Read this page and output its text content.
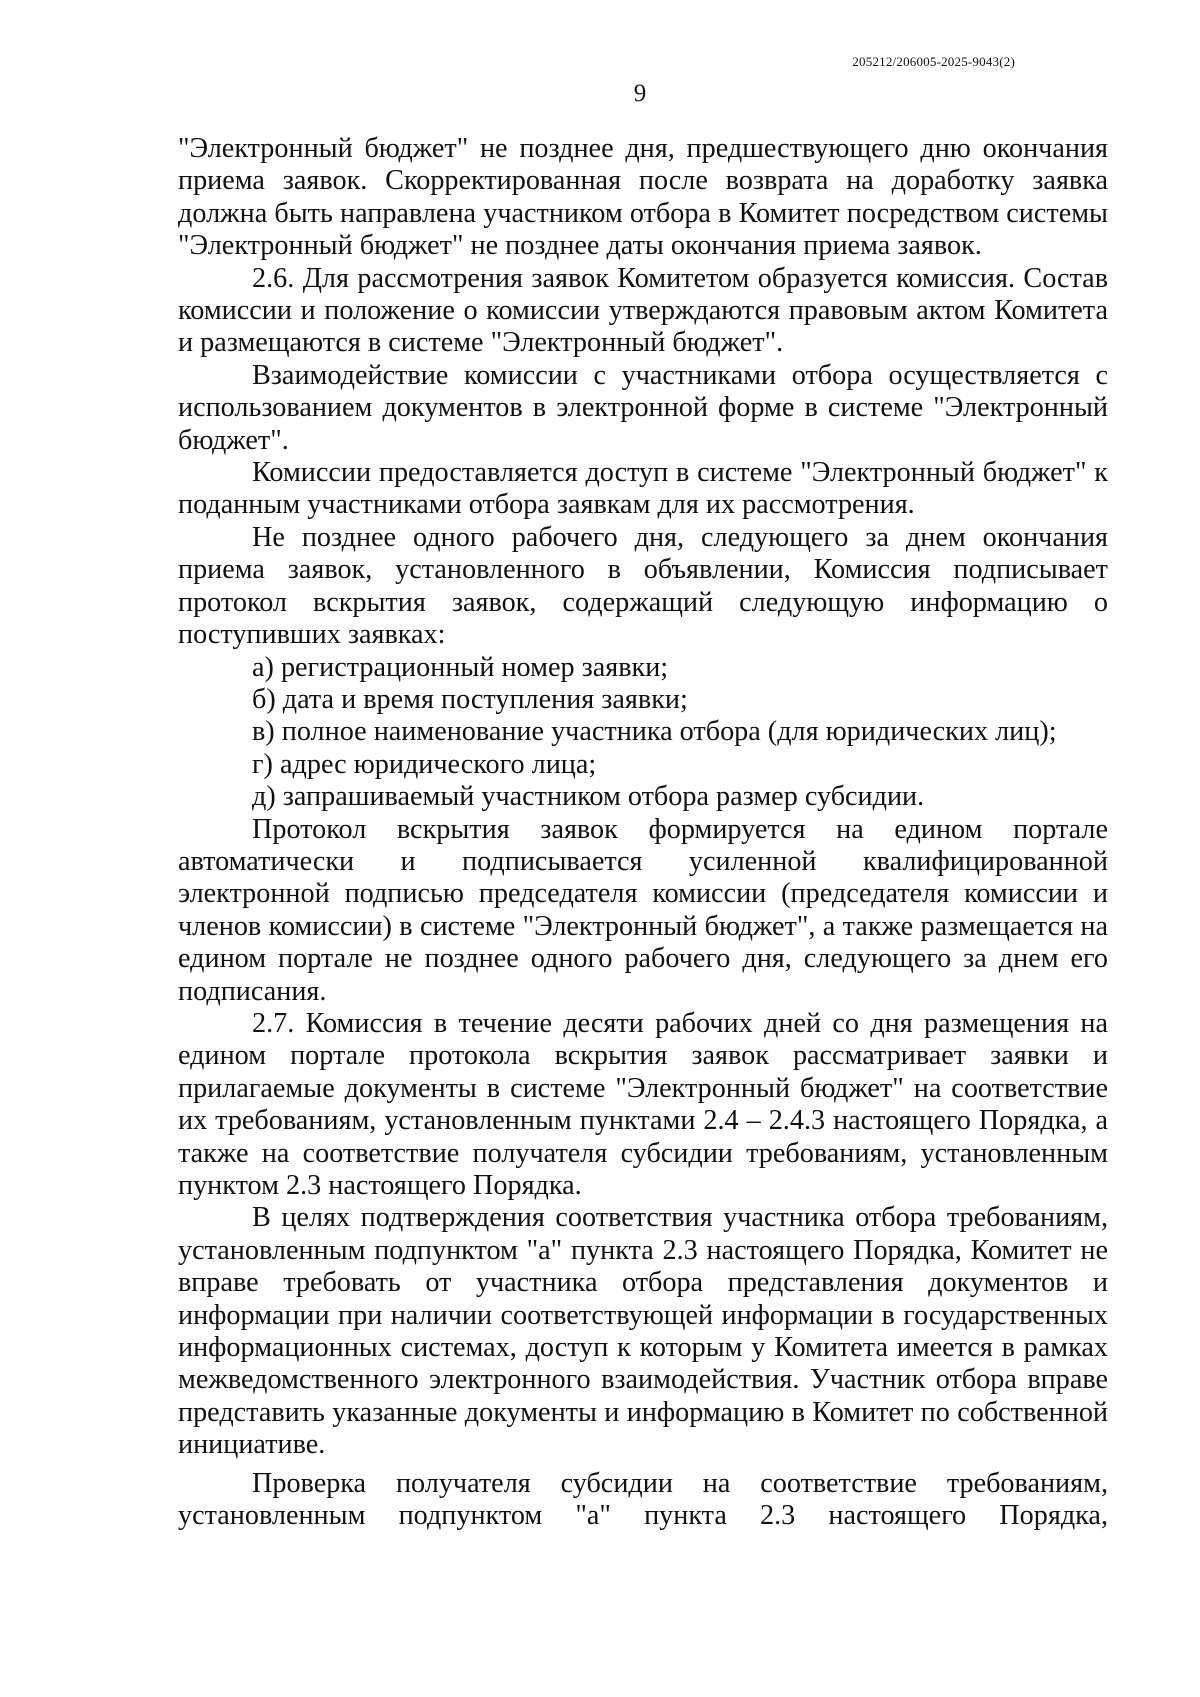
205212/206005-2025-9043(2)
9

"Электронный бюджет" не позднее дня, предшествующего дню окончания приема заявок. Скорректированная после возврата на доработку заявка должна быть направлена участником отбора в Комитет посредством системы "Электронный бюджет" не позднее даты окончания приема заявок.

2.6. Для рассмотрения заявок Комитетом образуется комиссия. Состав комиссии и положение о комиссии утверждаются правовым актом Комитета и размещаются в системе "Электронный бюджет".

Взаимодействие комиссии с участниками отбора осуществляется с использованием документов в электронной форме в системе "Электронный бюджет".

Комиссии предоставляется доступ в системе "Электронный бюджет" к поданным участниками отбора заявкам для их рассмотрения.

Не позднее одного рабочего дня, следующего за днем окончания приема заявок, установленного в объявлении, Комиссия подписывает протокол вскрытия заявок, содержащий следующую информацию о поступивших заявках:

а) регистрационный номер заявки;

б) дата и время поступления заявки;

в) полное наименование участника отбора (для юридических лиц);

г) адрес юридического лица;

д) запрашиваемый участником отбора размер субсидии.

Протокол вскрытия заявок формируется на едином портале автоматически и подписывается усиленной квалифицированной электронной подписью председателя комиссии (председателя комиссии и членов комиссии) в системе "Электронный бюджет", а также размещается на едином портале не позднее одного рабочего дня, следующего за днем его подписания.

2.7. Комиссия в течение десяти рабочих дней со дня размещения на едином портале протокола вскрытия заявок рассматривает заявки и прилагаемые документы в системе "Электронный бюджет" на соответствие их требованиям, установленным пунктами 2.4 – 2.4.3 настоящего Порядка, а также на соответствие получателя субсидии требованиям, установленным пунктом 2.3 настоящего Порядка.

В целях подтверждения соответствия участника отбора требованиям, установленным подпунктом "а" пункта 2.3 настоящего Порядка, Комитет не вправе требовать от участника отбора представления документов и информации при наличии соответствующей информации в государственных информационных системах, доступ к которым у Комитета имеется в рамках межведомственного электронного взаимодействия. Участник отбора вправе представить указанные документы и информацию в Комитет по собственной инициативе.

Проверка получателя субсидии на соответствие требованиям, установленным подпунктом "а" пункта 2.3 настоящего Порядка,
